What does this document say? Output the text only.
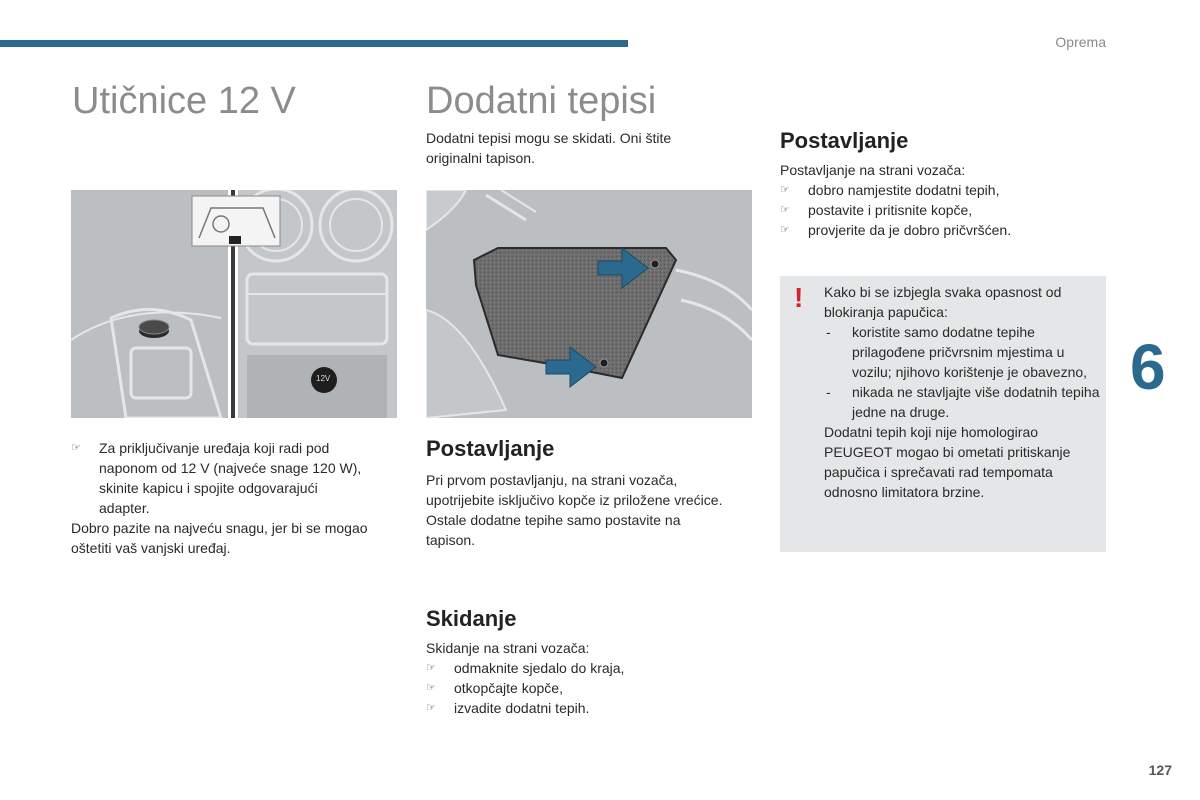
Oprema
6
127
Utičnice 12 V
12V
☞ Za priključivanje uređaja koji radi pod naponom od 12 V (najveće snage 120 W), skinite kapicu i spojite odgovarajući adapter.

Dobro pazite na najveću snagu, jer bi se mogao oštetiti vaš vanjski uređaj.

Dodatni tepisi
Dodatni tepisi mogu se skidati. Oni štite originalni tapison.
Postavljanje

Pri prvom postavljanju, na strani vozača, upotrijebite isključivo kopče iz priložene vrećice.

Ostale dodatne tepihe samo postavite na tapison.

Skidanje

Skidanje na strani vozača:

☞ odmaknite sjedalo do kraja,
☞ otkopčajte kopče,
☞ izvadite dodatni tepih.
Postavljanje

Postavljanje na strani vozača:

☞ dobro namjestite dodatni tepih,
☞ postavite i pritisnite kopče,
☞ provjerite da je dobro pričvršćen.
! Kako bi se izbjegla svaka opasnost od blokiranja papučica:

- koristite samo dodatne tepihe prilagođene pričvrsnim mjestima u vozilu; njihovo korištenje je obavezno,
- nikada ne stavljajte više dodatnih tepiha jedne na druge.

Dodatni tepih koji nije homologirao PEUGEOT mogao bi ometati pritiskanje papučica i sprečavati rad tempomata odnosno limitatora brzine.
